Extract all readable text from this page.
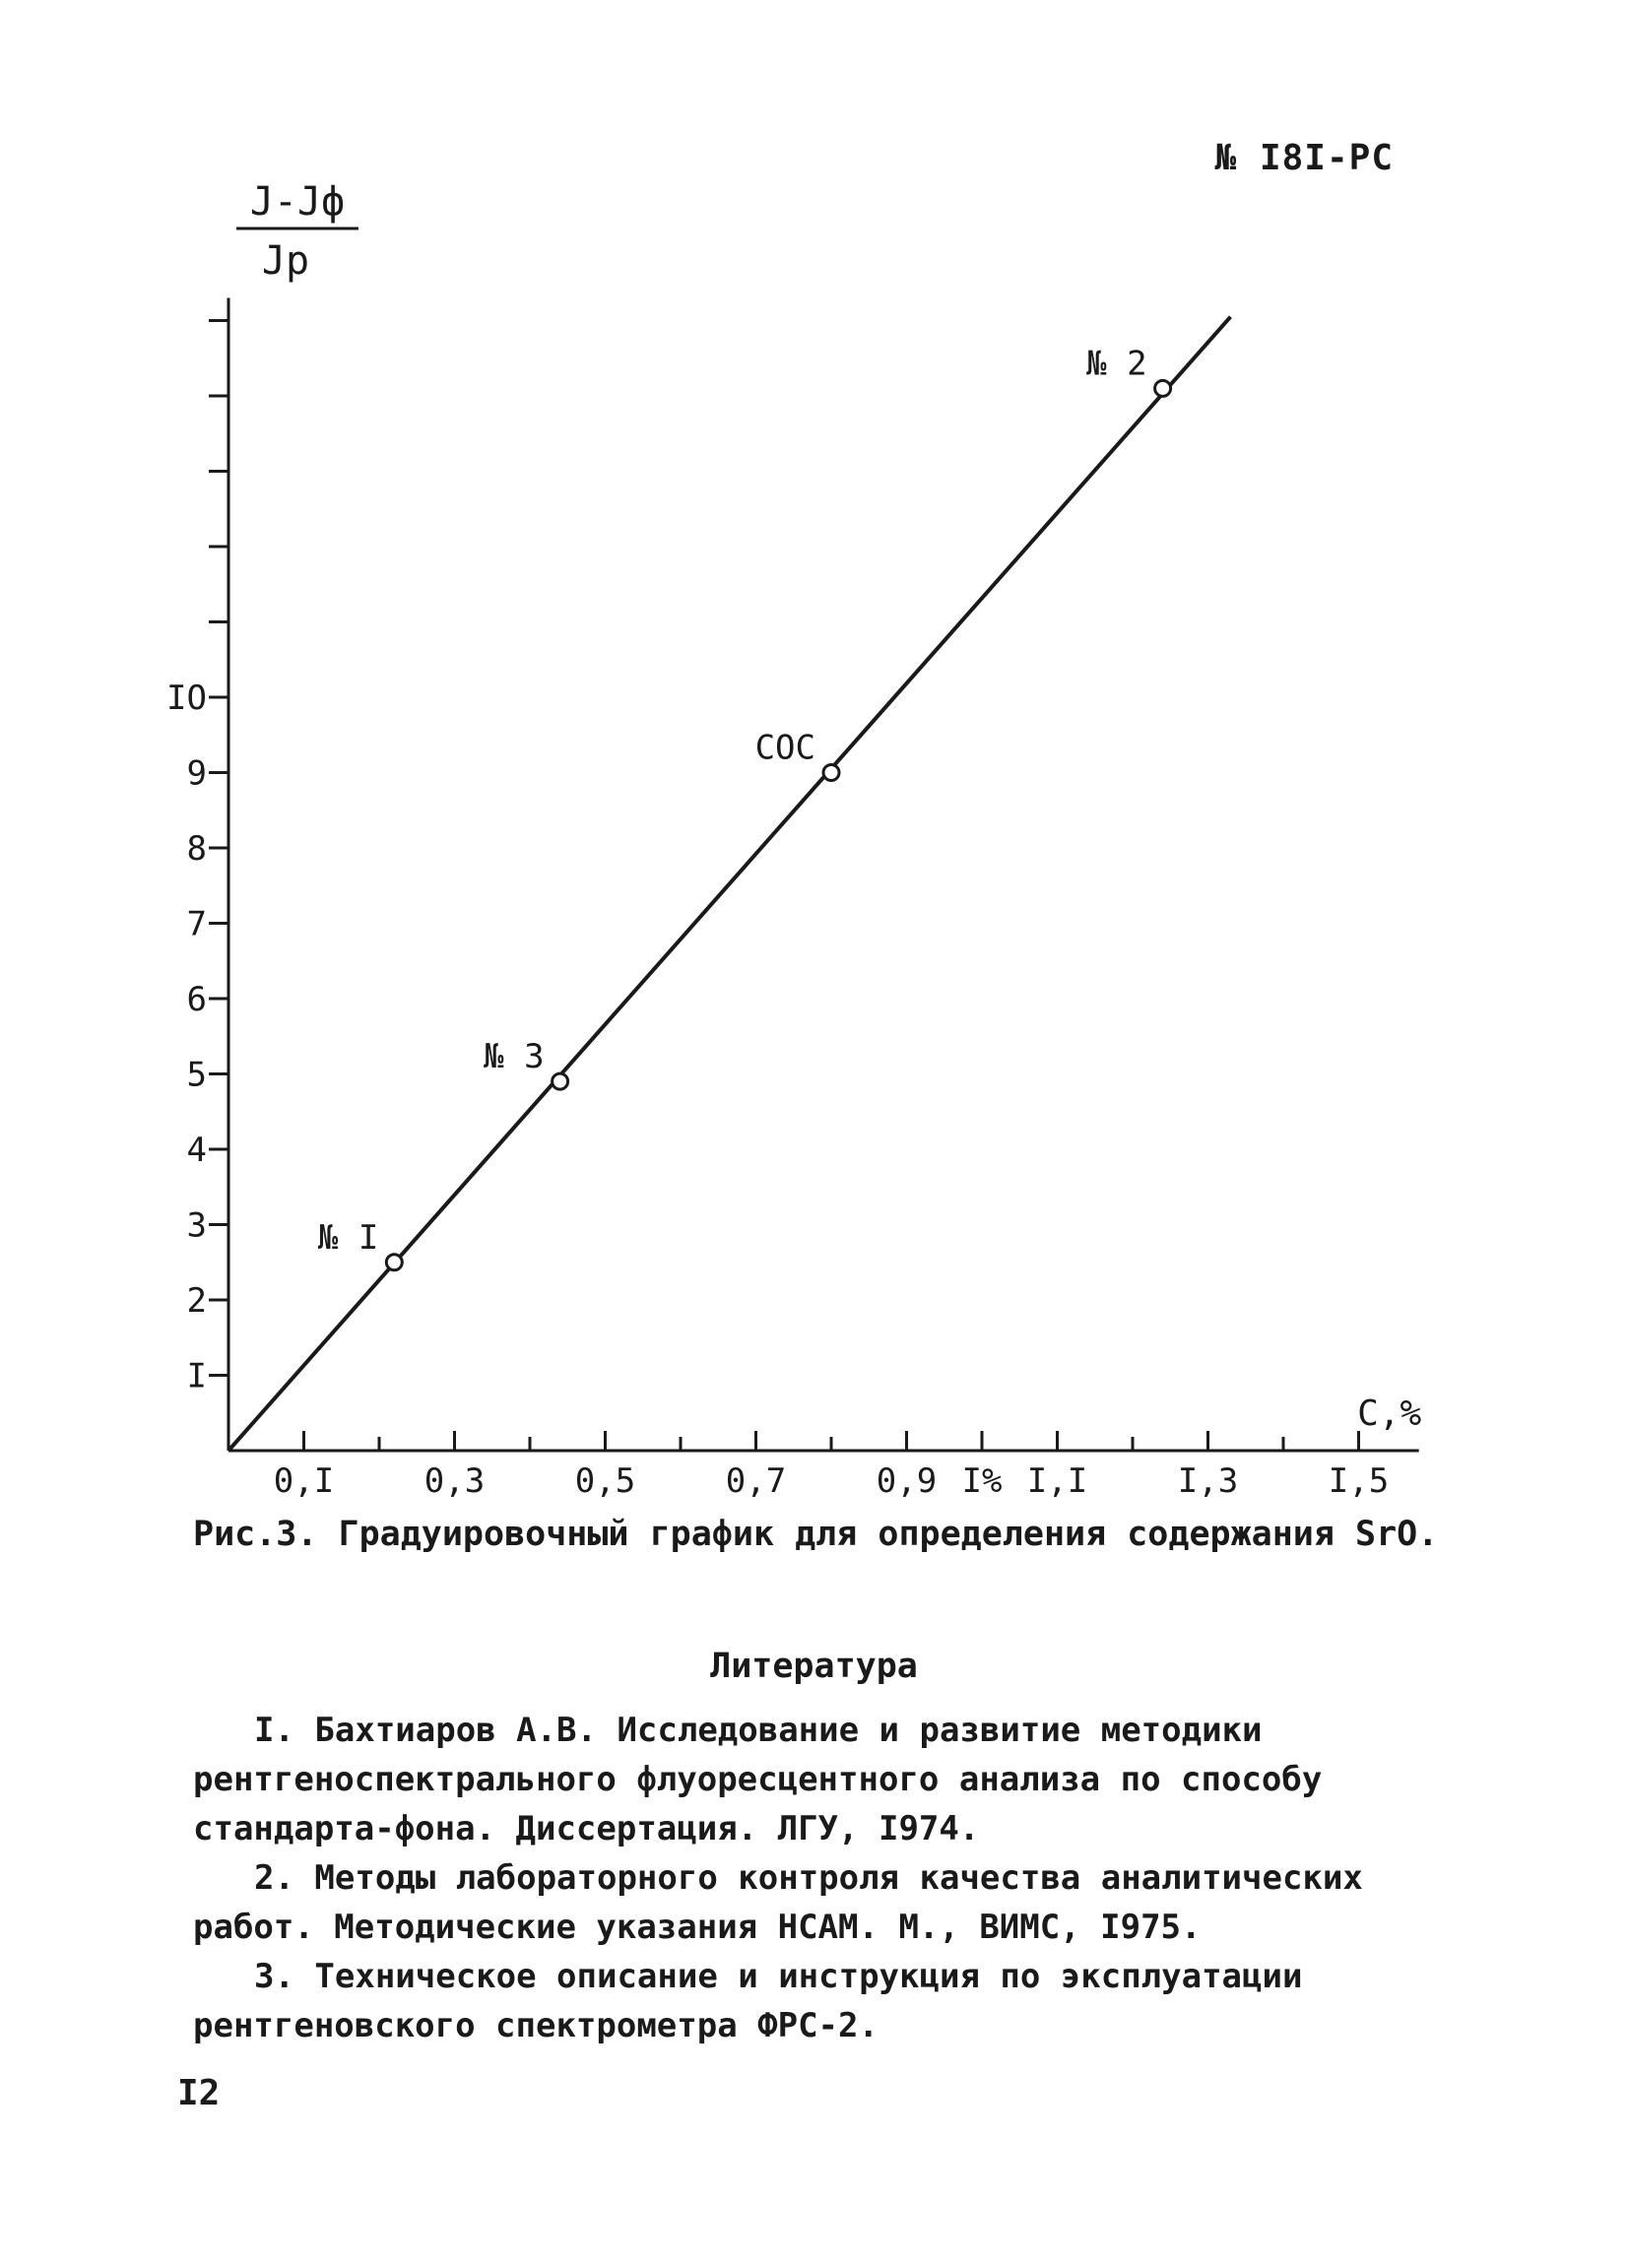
№ I8I-PC
0,I	0,3	0,5	0,7	0,9 I% I,I	I,3	I,5
I
2
3
4
5
6
7
8
9
IO
C,%
Ј-Јф
Јр
№ I
№ 3
СОС
№ 2
Рис.3. Градуировочный график для определения содержания SrO.
Литература

I. Бахтиаров А.В. Исследование и развитие методики рентгеноспектрального флуоресцентного анализа по способу стандарта-фона. Диссертация. ЛГУ, I974.

2. Методы лабораторного контроля качества аналитических работ. Методические указания НСАМ. М., ВИМС, I975.

3. Техническое описание и инструкция по эксплуатации рентгеновского спектрометра ФРС-2.

I2
